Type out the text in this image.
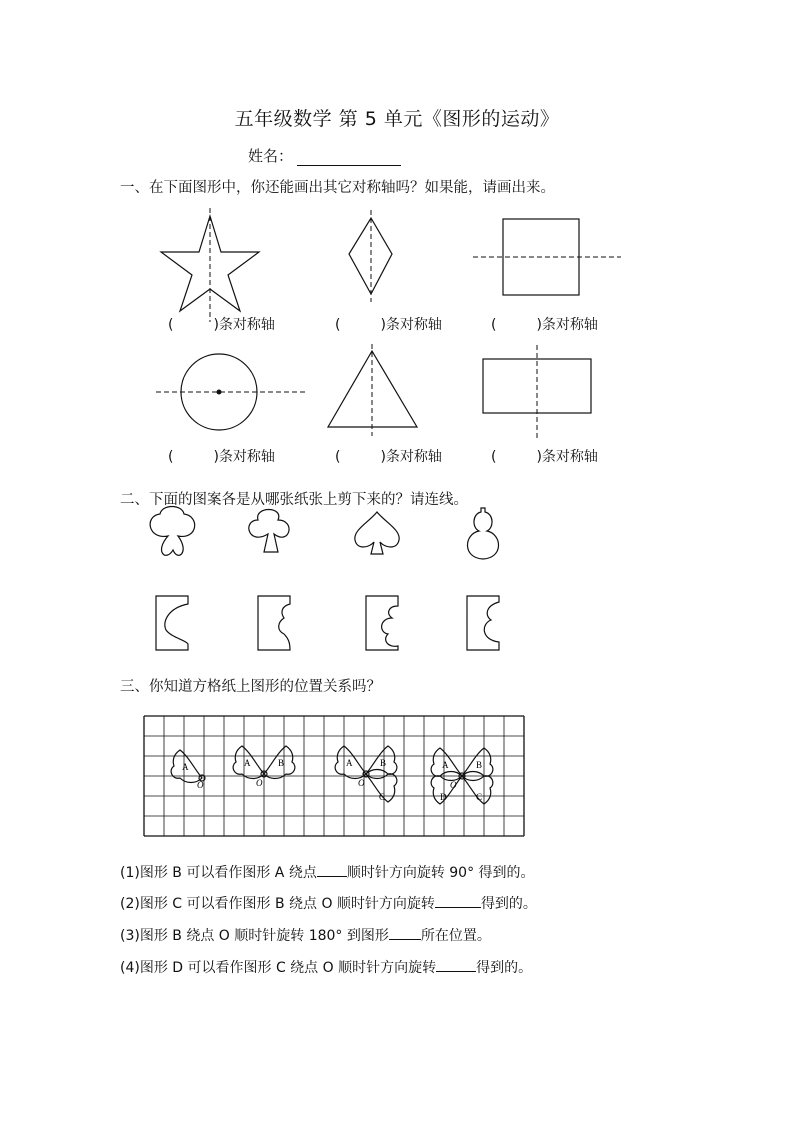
五年级数学 第 5 单元《图形的运动》
姓名：
一、在下面图形中，你还能画出其它对称轴吗？如果能，请画出来。
(	)条对称轴	(	)条对称轴	(	)条对称轴
(	)条对称轴	(	)条对称轴	(	)条对称轴
二、下面的图案各是从哪张纸张上剪下来的？请连线。
三、你知道方格纸上图形的位置关系吗？
A
O
A	B
O
A	B
C
O
A	B
C
D
O
(1)图形 B 可以看作图形 A 绕点 顺时针方向旋转 90° 得到的。
(2)图形 C 可以看作图形 B 绕点 O 顺时针方向旋转	得到的。
(3)图形 B 绕点 O 顺时针旋转 180° 到图形 所在位置。
(4)图形 D 可以看作图形 C 绕点 O 顺时针方向旋转	得到的。
